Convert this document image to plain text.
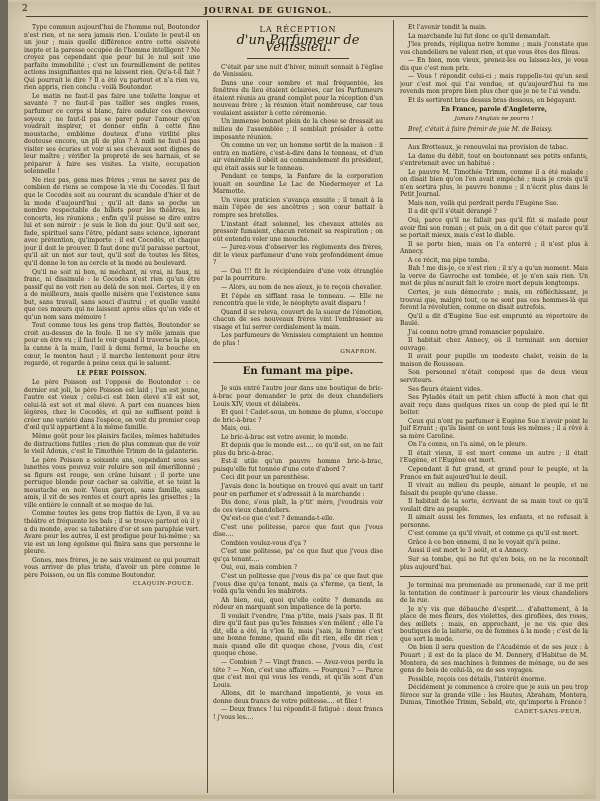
2	JOURNAL DE GUIGNOL.

Type commun aujourd'hui de l'homme nul, Boutondor n'est rien, et ne sera jamais rien. L'ouïste le peut-il en un jour ; mais quelle différence entre cette oisiveté inepte et la paresse occupée de l'homme intelligent ? Ne croyez pas cependant que pour lui le nul soit une parfaite immobilité ; c'est un fourmillement de petites actions insignifiantes qui ne laissent rien. Qu'a-t-il fait ? Qui pourrait le dire ? Il a été vu partout et n'a rien vu, rien appris, rien conclu : voilà Boutondor.

Le matin ne faut-il pas faire une toilette longue et savante ? ne faut-il pas tailler ses ongles roses, parfumer ce corps si blanc, faire onduler ces cheveux soyeux ; ne faut-il pas se parer pour l'amour qu'on voudrait inspirer, et donner enfin à cette fine moustache, emblème douteux d'une virilité plus douteuse encore, un pli de plus ? A midi ne faut-il pas visiter ses écuries et voir si ses chevaux sont dignes de leur maître ; vérifier la propreté de ses harnais, et se préparer à faire ses visites. La visite, occupation solennelle !

Ne riez pas, gens mes frères ; vous ne savez pas de combien de riens se compose la vie du Cocodès. Il faut que le Cocodès soit au courant du scandale d'hier et de la mode d'aujourd'hui ; qu'il ait dans sa poche un nombre respectable de billets pour les théâtres, les concerts, les réunions ; enfin qu'il puisse se dire entre lui et son miroir : je suis le lion du jour. Qu'il soit sec, fade, spirituel sans l'être, pédant sans science, ignorant avec prétention, qu'importe : il est Cocodès, et chaque jour il doit le prouver. Il faut donc qu'il paraisse partout, qu'il ait un mot sur tout, qu'il soit de toutes les fêtes, qu'il donne le ton au cercle et la mode au boulevard.

Qu'il ne soit ni bon, ni méchant, ni vrai, ni faux, ni franc, ni dissimulé : le Cocodès n'est rien qu'un être passif qui ne voit rien au delà de son moi. Certes, il y en a de meilleurs, mais quelle misère que l'existence sans but, sans travail, sans souci d'autrui ; et quelle vanité que ces mœurs qui ne laissent après elles qu'un vide et qu'un nom sans mémoire !

Tout comme tous les gens trop flattés, Boutondor se croit au-dessus de la foule. Il ne s'y mêle jamais que pour en être vu ; il faut le voir quand il traverse la place, la canne à la main, l'œil à demi fermé, la bouche en cœur, le menton haut ; il marche lentement pour être regardé, et regarde à peine ceux qui le saluent.

LE PÈRE POISSON.

Le père Poisson est l'opposé de Boutondor : ce dernier est joli, le père Poisson est laid ; l'un est jeune, l'autre est vieux ; celui-ci est bien élevé s'il est sot, celui-là est sot et mal élevé. A part ces nuances bien légères, chez le Cocodès, et qui ne suffisent point à créer une variété dans l'espèce, on voit du premier coup d'œil qu'il appartient à la même famille.

Même goût pour les plaisirs faciles, mêmes habitudes de distractions futiles ; rien de plus commun que de voir le vieil Adonis, c'est le Timothée Trimm de la galanterie.

Le père Poisson a soixante ans, cependant sous ses lunettes vous pouvez voir reluire son œil émerillonné ; sa figure est rouge, son crâne luisant ; il porte une perruque blonde pour cacher sa calvitie, et se teint la moustache en noir. Vieux garçon, sans famille, sans amis, il vit de ses rentes et court après les grisettes ; la ville entière le connaît et se moque de lui.

Comme toutes les gens trop flattés de Lyon, il va au théâtre et fréquente les bals ; il se trouve partout où il y a du monde, avec sa tabatière d'or et son parapluie vert. Avare pour les autres, il est prodigue pour lui-même ; sa vie est un long égoïsme qui finira sans que personne le pleure.

Gones, mes frères, je ne sais vraiment ce qui pourrait vous arriver de plus triste, d'avoir un père comme le père Poisson, ou un fils comme Boutondor.

CLAQUIN-POUCE.
LA RÉCEPTION
d'un Parfumeur de Venissieu.

C'était par une nuit d'hiver, minuit sonnait à l'église de Venissieu.

Dans une cour sombre et mal fréquentée, les fenêtres du lieu étaient éclairées, car les Parfumeurs étaient réunis au grand complet pour la réception d'un nouveau frère ; la réunion était nombreuse, car tous voulaient assister à cette cérémonie.

Un immense bonnet plein de la chose se dressait au milieu de l'assemblée ; il semblait présider à cette imposante réunion.

On comme un ver, un homme sortit de la maison : il entra en matière, c'est-à-dire dans le tonneau, et d'un air vénérable il obéit au commandement du président, qui était assis sur le tonneau.

Pendant ce temps, la Fanfare de la corporation jouait en sourdine Le Lac de Niedermeyer et La Marmotte.

Un vieux praticien s'avança ensuite ; il tenait à la main l'épée de ses ancêtres ; son cœur battait à rompre ses bretelles.

L'instant était solennel, les chevaux attelés au pressoir fumaient, chacun retenait sa respiration ; on eût entendu voler une mouche.

— Jurez-vous d'observer les règlements des frères, dit le vieux parfumeur d'une voix profondément émue ?

— Oui !!! fit le récipiendaire d'une voix étranglée par la pourriture.

— Alors, au nom de nos aïeux, je te reçois chevalier.

Et l'épée en sifflant rasa le tonneau. — Elle ne rencontra que le vide, le néophyte avait disparu !

Quand il se releva, couvert de la sueur de l'émotion, chacun de ses nouveaux frères vint l'embrasser au visage et lui serrer cordialement la main.

Les parfumeurs de Venissieu comptaient un homme de plus !

GNAFRON.
En fumant ma pipe.

Je suis entré l'autre jour dans une boutique de bric-à-brac pour demander le prix de deux chandeliers Louis XIV, vieux et délabrés.

Et quoi ! Cadet-sous, un homme de plume, s'occupe de bric-à-brac ?

Mais, oui.

Le bric-à-brac est votre avenir, le monde.

Et depuis que le monde est.... ce qu'il est, on ne fait plus du bric-à-brac.

Est-il utile qu'un pauvre homme bric-à-brac, puisqu'elle fut tonnée d'une cote d'abord ?

Ceci dit pour un parenthèse.

J'avais donc la boutique en trouvé qui avait un tarif pour en parfumer et s'adressait à la marchande :

Dis donc, s'ous plaît, la p'tit' mère, j'voudrais voir de ces vieux chandeliers.

Qu'est-ce que c'est ? demanda-t-elle.

C'est une politesse, parce que faut que j'vous dise....

Combien voulez-vous d'ça ?

C'est une politesse, pa' ce que faut que j'vous dise qu'ça tenant....

Oui, oui, mais combien ?

C'est un politesse que j'vous dis pa' ce que faut que j'vous dise qu'ça tenant, mais ça s'ferme, ça tient, la voilà qu'la vendu les mabirots.

Ah bien, oui, quoi qu'elle coûte ? demanda au rôdeur en marquant son impatience de la porte.

Il voulait l'vendre, l'ma p'tite, mais j'sais pas. Il fit dire qu'il faut pas qu'les femmes s'en mêlent ; elle l'a dit, elle a été, la v'lon là, mais j'sais, la femme c'est une bonne femme, quand elle dit rien, elle dit rien ; mais quand elle dit quoque chose, j'vous dis, c'est quoque chose.

— Combien ? — Vingt francs. — Avez-vous perdu la tête ? — Non, c'est une affaire. — Pourquoi ? — Parce que c'est moi qui vous les vends, et qu'ils sont d'un Louis.

Allons, dit le marchand impatienté, je vous en donne deux francs de votre politesse.... et filez !

— Deux francs ! lui répondit-il fatigué : deux francs ! j'vous les....

Et l'avenir tendit la main.

La marchande lui fut donc ce qu'il demandait.

J'les prends, répliqua notre homme ; mais j'constate que vos chandeliers ne valent rien, et que vous êtes des filous.

— En bien, mon vieux, prenez-les ou laissez-les, je vous dis que c'est mon prix.

— Vous ! répondit celui-ci ; mais rappelle-toi qu'un seul jour c'est moi qui t'ai vendue, et qu'aujourd'hui tu me revends mon propre bien plus cher que je ne te l'ai vendu.

Et ils sortirent bras dessus bras dessous, en bégayant.

En France, parole d'Angleterre,
Jamais l'Anglais ne pourra !

Bref, c'était à faire frémir de joie M. de Boissy.

Aux Brotteaux, je renouvelai ma provision de tabac.

La dame du débit, tout en boutonnant ses petits enfants, s'entretenait avec un habitué :

Le pauvre M. Timothée Trimm, comme il a été malade ; on disait bien qu'on l'en avait empêché ; mais je crois qu'il n'en sortira plus, le pauvre homme ; il n'écrit plus dans le Petit Journal.

Mais non, voilà qui perdrait perdu l'Eugène Sue.

Il a dit qu'il s'était dérangé ?

Oui, parce qu'il ne fallait pas qu'il fût si malade pour avoir fini son roman ; et puis, on a dit que c'était parce qu'il se portait mieux, mais c'est le diable.

Il se porte bien, mais on l'a enterré ; il n'est plus à Annecy.

A ce récit, ma pipe tomba.

Bah ! me dis-je, ce n'est rien ; il n'y a qu'un moment. Mais la verve de Gavroche est tombée, et je n'en sais rien. Un mot de plus m'aurait fait le croire mort depuis longtemps.

Certes, je suis démocrate ; mais, en réfléchissant, je trouvai que, malgré tout, ce ne sont pas ces hommes-là qui feront la révolution, comme on disait autrefois.

Qu'il a dit d'Eugène Sue est emprunté au répertoire de Baulé.

J'ai connu notre grand romancier populaire.

Il habitait chez Annecy, où il terminait son dernier ouvrage.

Il avait pour pupille un modeste chalet, voisin de la maison de Rousseau.

Son personnel n'était composé que de deux vieux serviteurs.

Ses fleurs étaient vides.

Ses Pyladès était un petit chien affecté à mon chat qui avait reçu dans quelques rixes un coup de pied qui le fit boiter.

Ceux qui n'ont pu parfumer à Eugène Sue n'avoir point le Juif Errant ; qu'ils lisent ce sont tous les mêmes ; il a rêvé à sa mère Caroline.

On l'a connu, on l'a aimé, on le pleure.

Il était vieux, il est mort comme un autre ; il était l'Eugène, et l'Eugène est mort.

Cependant il fut grand, et grand pour le peuple, et la France en fait aujourd'hui le deuil.

Il vivait au milieu du peuple, aimant le peuple, et ne faisait du peuple qu'une classe.

Il habitait de la sorte, écrivant de sa main tout ce qu'il voulait dire au peuple.

Il aimait aussi les femmes, les enfants, et ne refusait à personne.

C'est comme ça qu'il vivait, et comme ça qu'il est mort.

Grâce à ce bon ennemi, il ne le voyait qu'à peine.

Aussi il est mort le 3 août, et a Annecy.

Sur sa tombe, qui ne fut qu'en bois, on ne la reconnaît plus aujourd'hui.

Je terminai ma promenade au promenade, car il me prit la tentation de continuer à parcourir les vieux chandeliers de la rue.

Je n'y vis que débauche d'esprit.... d'abattement, à la place de mes fleurs, des violettes, des giroflées, des roses, des œillets ; mais, en approchant, je ne vis que des boutiques de la laiterie, ou de femmes à la mode ; c'est de la que sort la mode.

On bien il sera question de l'Académie et de ses jeux : à Pouart ; il est de la place de M. Dennery, d'Habitue de M. Montera, de ses machines à femmes de ménage, ou de ses gens de bois de celui-là, ou de ses voyages.

Possible, reçois ces détails, l'intérêt énorme.

Décidément je commence à croire que je suis un peu trop féroce sur la grande ville : les Hautes, Abraham, Montera, Dumas, Timothée Trimm, Sebald, etc, qu'importe à France !

CADET-SANS-PEUR.
